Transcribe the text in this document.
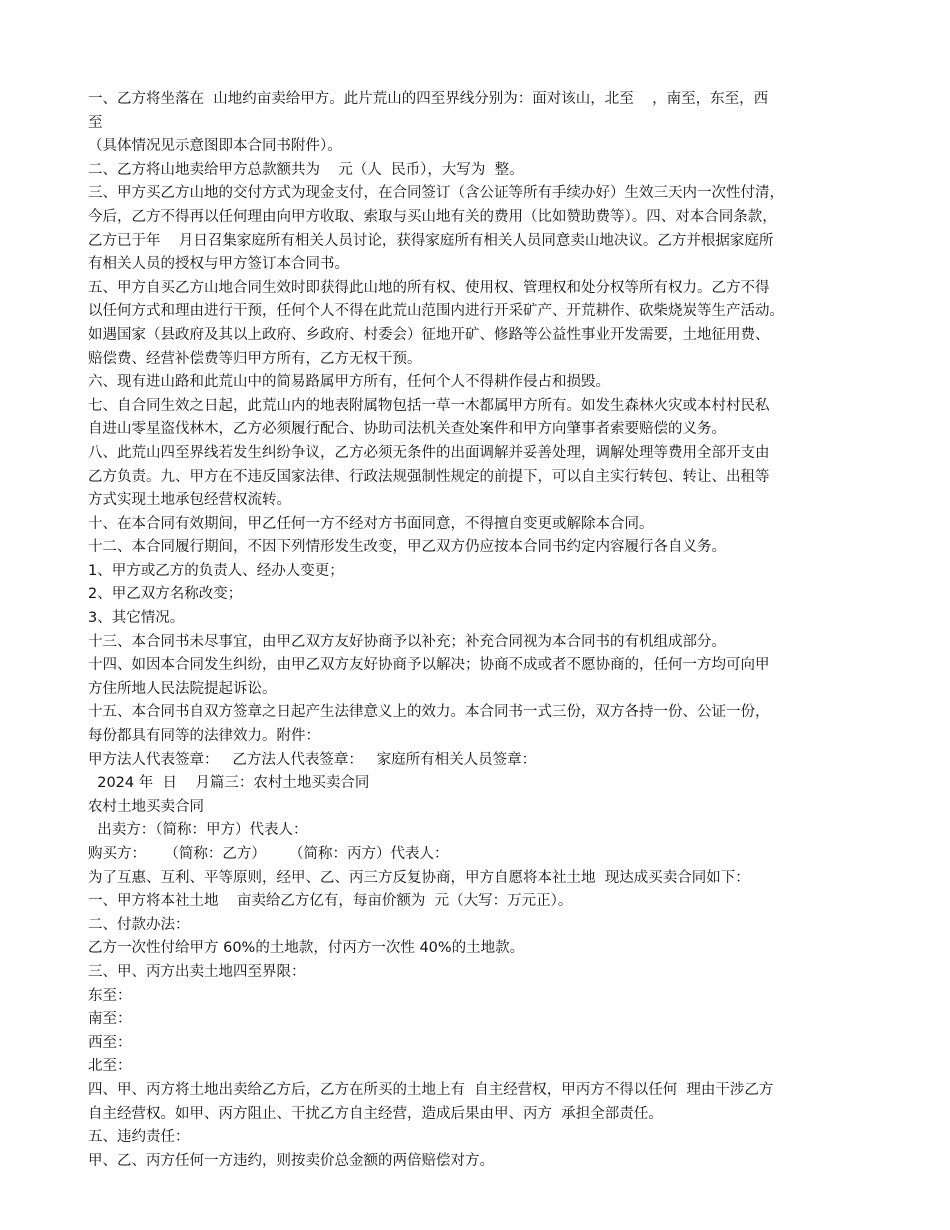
一、乙方将坐落在  山地约亩卖给甲方。此片荒山的四至界线分别为：面对该山，北至    ，南至，东至，西
至
（具体情况见示意图即本合同书附件）。
二、乙方将山地卖给甲方总款额共为    元（人  民币），大写为  整。
三、甲方买乙方山地的交付方式为现金支付，在合同签订（含公证等所有手续办好）生效三天内一次性付清，
今后，乙方不得再以任何理由向甲方收取、索取与买山地有关的费用（比如赞助费等）。四、对本合同条款，
乙方已于年    月日召集家庭所有相关人员讨论，获得家庭所有相关人员同意卖山地决议。乙方并根据家庭所
有相关人员的授权与甲方签订本合同书。
五、甲方自买乙方山地合同生效时即获得此山地的所有权、使用权、管理权和处分权等所有权力。乙方不得
以任何方式和理由进行干预，任何个人不得在此荒山范围内进行开采矿产、开荒耕作、砍柴烧炭等生产活动。
如遇国家（县政府及其以上政府、乡政府、村委会）征地开矿、修路等公益性事业开发需要，土地征用费、
赔偿费、经营补偿费等归甲方所有，乙方无权干预。
六、现有进山路和此荒山中的简易路属甲方所有，任何个人不得耕作侵占和损毁。
七、自合同生效之日起，此荒山内的地表附属物包括一草一木都属甲方所有。如发生森林火灾或本村村民私
自进山零星盗伐林木，乙方必须履行配合、协助司法机关查处案件和甲方向肇事者索要赔偿的义务。
八、此荒山四至界线若发生纠纷争议，乙方必须无条件的出面调解并妥善处理，调解处理等费用全部开支由
乙方负责。九、甲方在不违反国家法律、行政法规强制性规定的前提下，可以自主实行转包、转让、出租等
方式实现土地承包经营权流转。
十、在本合同有效期间，甲乙任何一方不经对方书面同意，不得擅自变更或解除本合同。
十二、本合同履行期间，不因下列情形发生改变，甲乙双方仍应按本合同书约定内容履行各自义务。
1、甲方或乙方的负责人、经办人变更；
2、甲乙双方名称改变；
3、其它情况。
十三、本合同书未尽事宜，由甲乙双方友好协商予以补充；补充合同视为本合同书的有机组成部分。
十四、如因本合同发生纠纷，由甲乙双方友好协商予以解决；协商不成或者不愿协商的，任何一方均可向甲
方住所地人民法院提起诉讼。
十五、本合同书自双方签章之日起产生法律意义上的效力。本合同书一式三份，双方各持一份、公证一份，
每份都具有同等的法律效力。附件：
甲方法人代表签章：   乙方法人代表签章：   家庭所有相关人员签章：
2024 年  日    月篇三：农村土地买卖合同
农村土地买卖合同
出卖方：（简称：甲方）代表人：
购买方：    （简称：乙方）     （简称：丙方）代表人：
为了互惠、互利、平等原则，经甲、乙、丙三方反复协商，甲方自愿将本社土地  现达成买卖合同如下：
一、甲方将本社土地    亩卖给乙方亿有，每亩价额为  元（大写：万元正）。
二、付款办法：
乙方一次性付给甲方 60%的土地款，付丙方一次性 40%的土地款。
三、甲、丙方出卖土地四至界限：
东至：
南至：
西至：
北至：
四、甲、丙方将土地出卖给乙方后，乙方在所买的土地上有  自主经营权，甲丙方不得以任何  理由干涉乙方
自主经营权。如甲、丙方阻止、干扰乙方自主经营，造成后果由甲、丙方  承担全部责任。
五、违约责任：
甲、乙、丙方任何一方违约，则按卖价总金额的两倍赔偿对方。
